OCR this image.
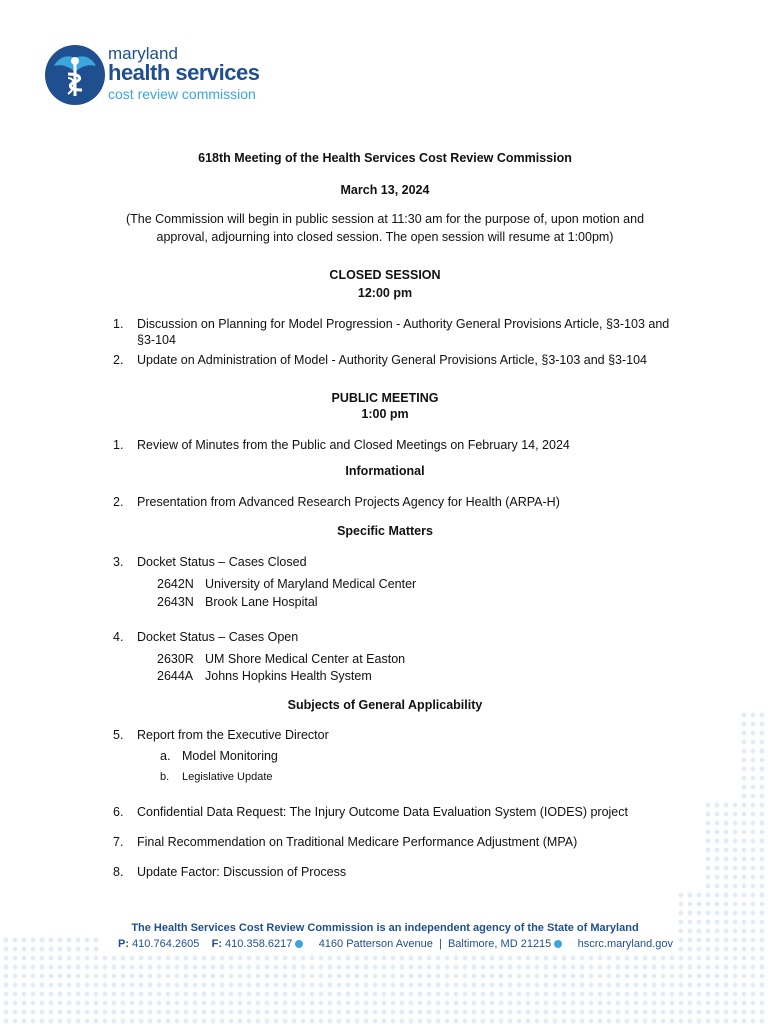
maryland
health services
cost review commission
618th Meeting of the Health Services Cost Review Commission
March 13, 2024
(The Commission will begin in public session at 11:30 am for the purpose of, upon motion and
approval, adjourning into closed session. The open session will resume at 1:00pm)
CLOSED SESSION
12:00 pm
1. Discussion on Planning for Model Progression - Authority General Provisions Article, §3-103 and
§3-104
2. Update on Administration of Model - Authority General Provisions Article, §3-103 and §3-104
PUBLIC MEETING
1:00 pm
1. Review of Minutes from the Public and Closed Meetings on February 14, 2024
Informational
2. Presentation from Advanced Research Projects Agency for Health (ARPA-H)
Specific Matters
3. Docket Status – Cases Closed
2642N University of Maryland Medical Center
2643N Brook Lane Hospital
4. Docket Status – Cases Open
2630R UM Shore Medical Center at Easton
2644A Johns Hopkins Health System
Subjects of General Applicability
5. Report from the Executive Director
a. Model Monitoring
b. Legislative Update
6. Confidential Data Request: The Injury Outcome Data Evaluation System (IODES) project
7. Final Recommendation on Traditional Medicare Performance Adjustment (MPA)
8. Update Factor: Discussion of Process
The Health Services Cost Review Commission is an independent agency of the State of Maryland
P: 410.764.2605 F: 410.358.6217 4160 Patterson Avenue | Baltimore, MD 21215 hscrc.maryland.gov
